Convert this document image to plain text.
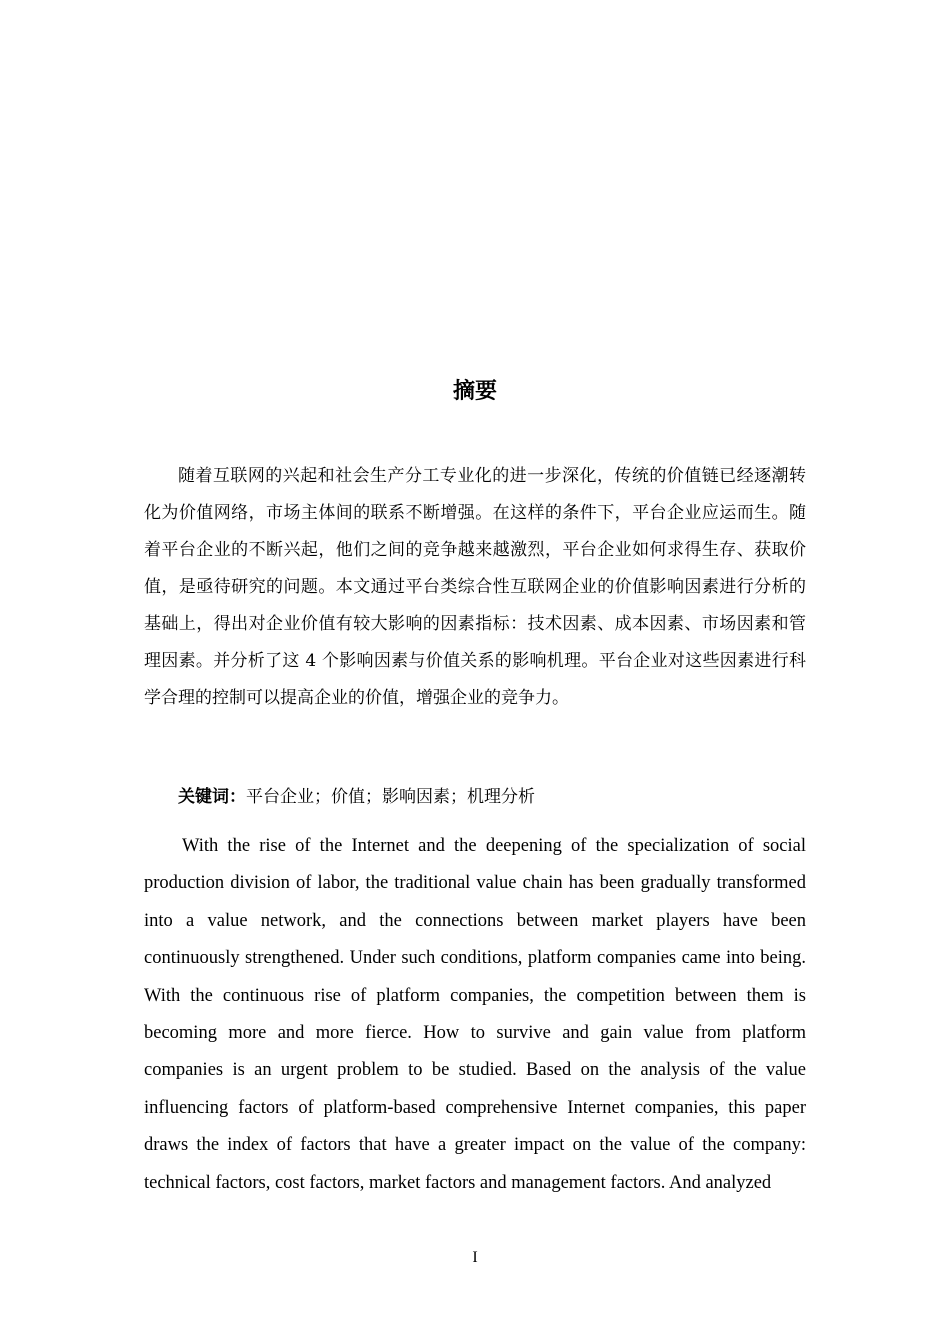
摘要

随着互联网的兴起和社会生产分工专业化的进一步深化，传统的价值链已经逐潮转化为价值网络，市场主体间的联系不断增强。在这样的条件下，平台企业应运而生。随着平台企业的不断兴起，他们之间的竞争越来越激烈，平台企业如何求得生存、获取价值，是亟待研究的问题。本文通过平台类综合性互联网企业的价值影响因素进行分析的基础上，得出对企业价值有较大影响的因素指标：技术因素、成本因素、市场因素和管理因素。并分析了这 4 个影响因素与价值关系的影响机理。平台企业对这些因素进行科学合理的控制可以提高企业的价值，增强企业的竞争力。

关键词：平台企业；价值；影响因素；机理分析

With the rise of the Internet and the deepening of the specialization of social production division of labor, the traditional value chain has been gradually transformed into a value network, and the connections between market players have been continuously strengthened. Under such conditions, platform companies came into being. With the continuous rise of platform companies, the competition between them is becoming more and more fierce. How to survive and gain value from platform companies is an urgent problem to be studied. Based on the analysis of the value influencing factors of platform-based comprehensive Internet companies, this paper draws the index of factors that have a greater impact on the value of the company: technical factors, cost factors, market factors and management factors. And analyzed

I
